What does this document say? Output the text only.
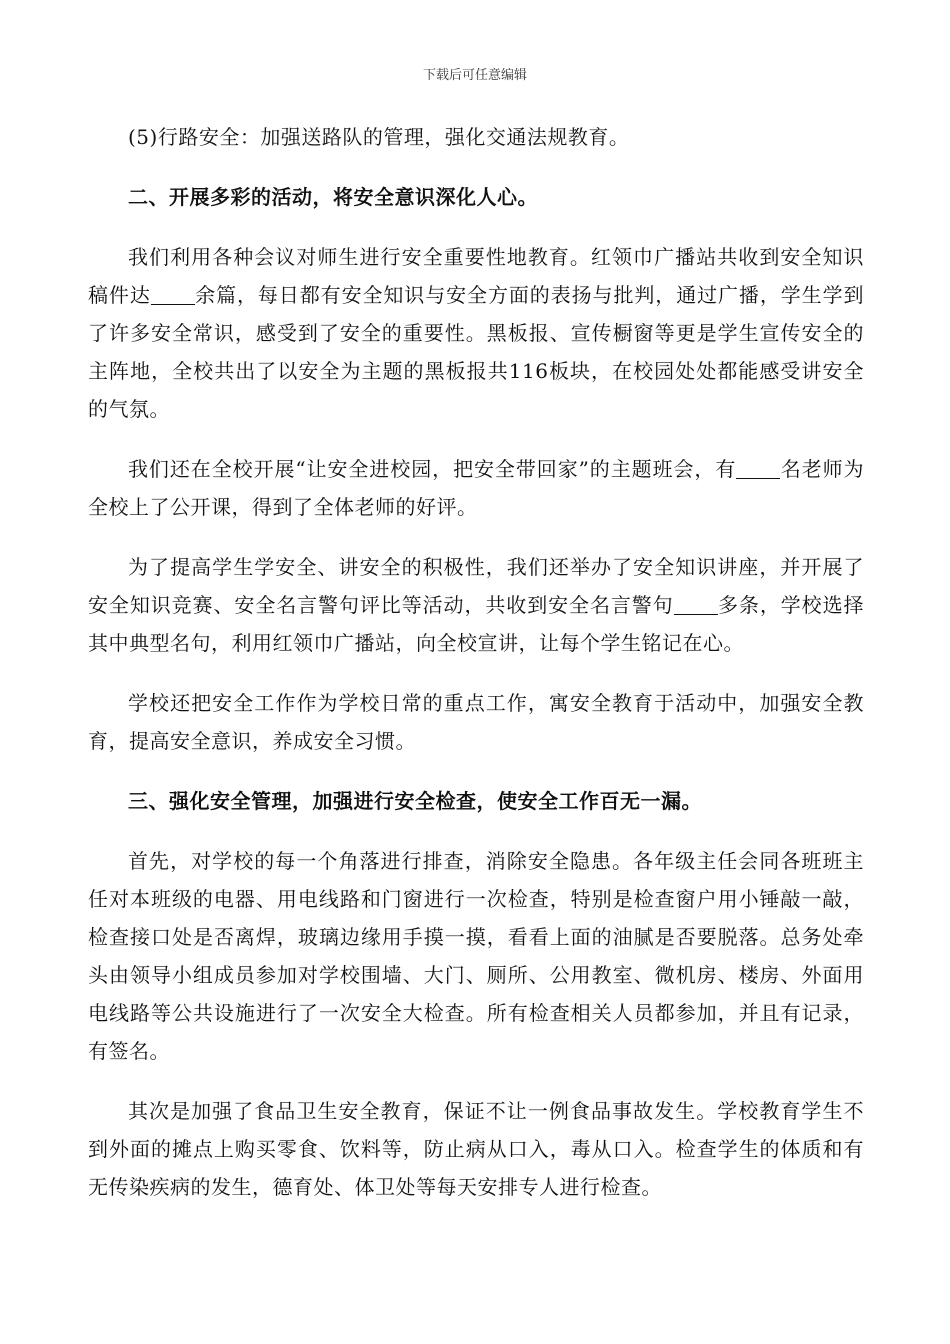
下载后可任意编辑

(5)行路安全：加强送路队的管理，强化交通法规教育。

二、开展多彩的活动，将安全意识深化人心。

我们利用各种会议对师生进行安全重要性地教育。红领巾广播站共收到安全知识稿件达 余篇，每日都有安全知识与安全方面的表扬与批判，通过广播，学生学到了许多安全常识，感受到了安全的重要性。黑板报、宣传橱窗等更是学生宣传安全的主阵地，全校共出了以安全为主题的黑板报共116板块，在校园处处都能感受讲安全的气氛。

我们还在全校开展“让安全进校园，把安全带回家”的主题班会，有 名老师为全校上了公开课，得到了全体老师的好评。

为了提高学生学安全、讲安全的积极性，我们还举办了安全知识讲座，并开展了安全知识竞赛、安全名言警句评比等活动，共收到安全名言警句 多条，学校选择其中典型名句，利用红领巾广播站，向全校宣讲，让每个学生铭记在心。

学校还把安全工作作为学校日常的重点工作，寓安全教育于活动中，加强安全教育，提高安全意识，养成安全习惯。

三、强化安全管理，加强进行安全检查，使安全工作百无一漏。

首先，对学校的每一个角落进行排查，消除安全隐患。各年级主任会同各班班主任对本班级的电器、用电线路和门窗进行一次检查，特别是检查窗户用小锤敲一敲，检查接口处是否离焊，玻璃边缘用手摸一摸，看看上面的油腻是否要脱落。总务处牵头由领导小组成员参加对学校围墙、大门、厕所、公用教室、微机房、楼房、外面用电线路等公共设施进行了一次安全大检查。所有检查相关人员都参加，并且有记录，有签名。

其次是加强了食品卫生安全教育，保证不让一例食品事故发生。学校教育学生不到外面的摊点上购买零食、饮料等，防止病从口入，毒从口入。检查学生的体质和有无传染疾病的发生，德育处、体卫处等每天安排专人进行检查。
